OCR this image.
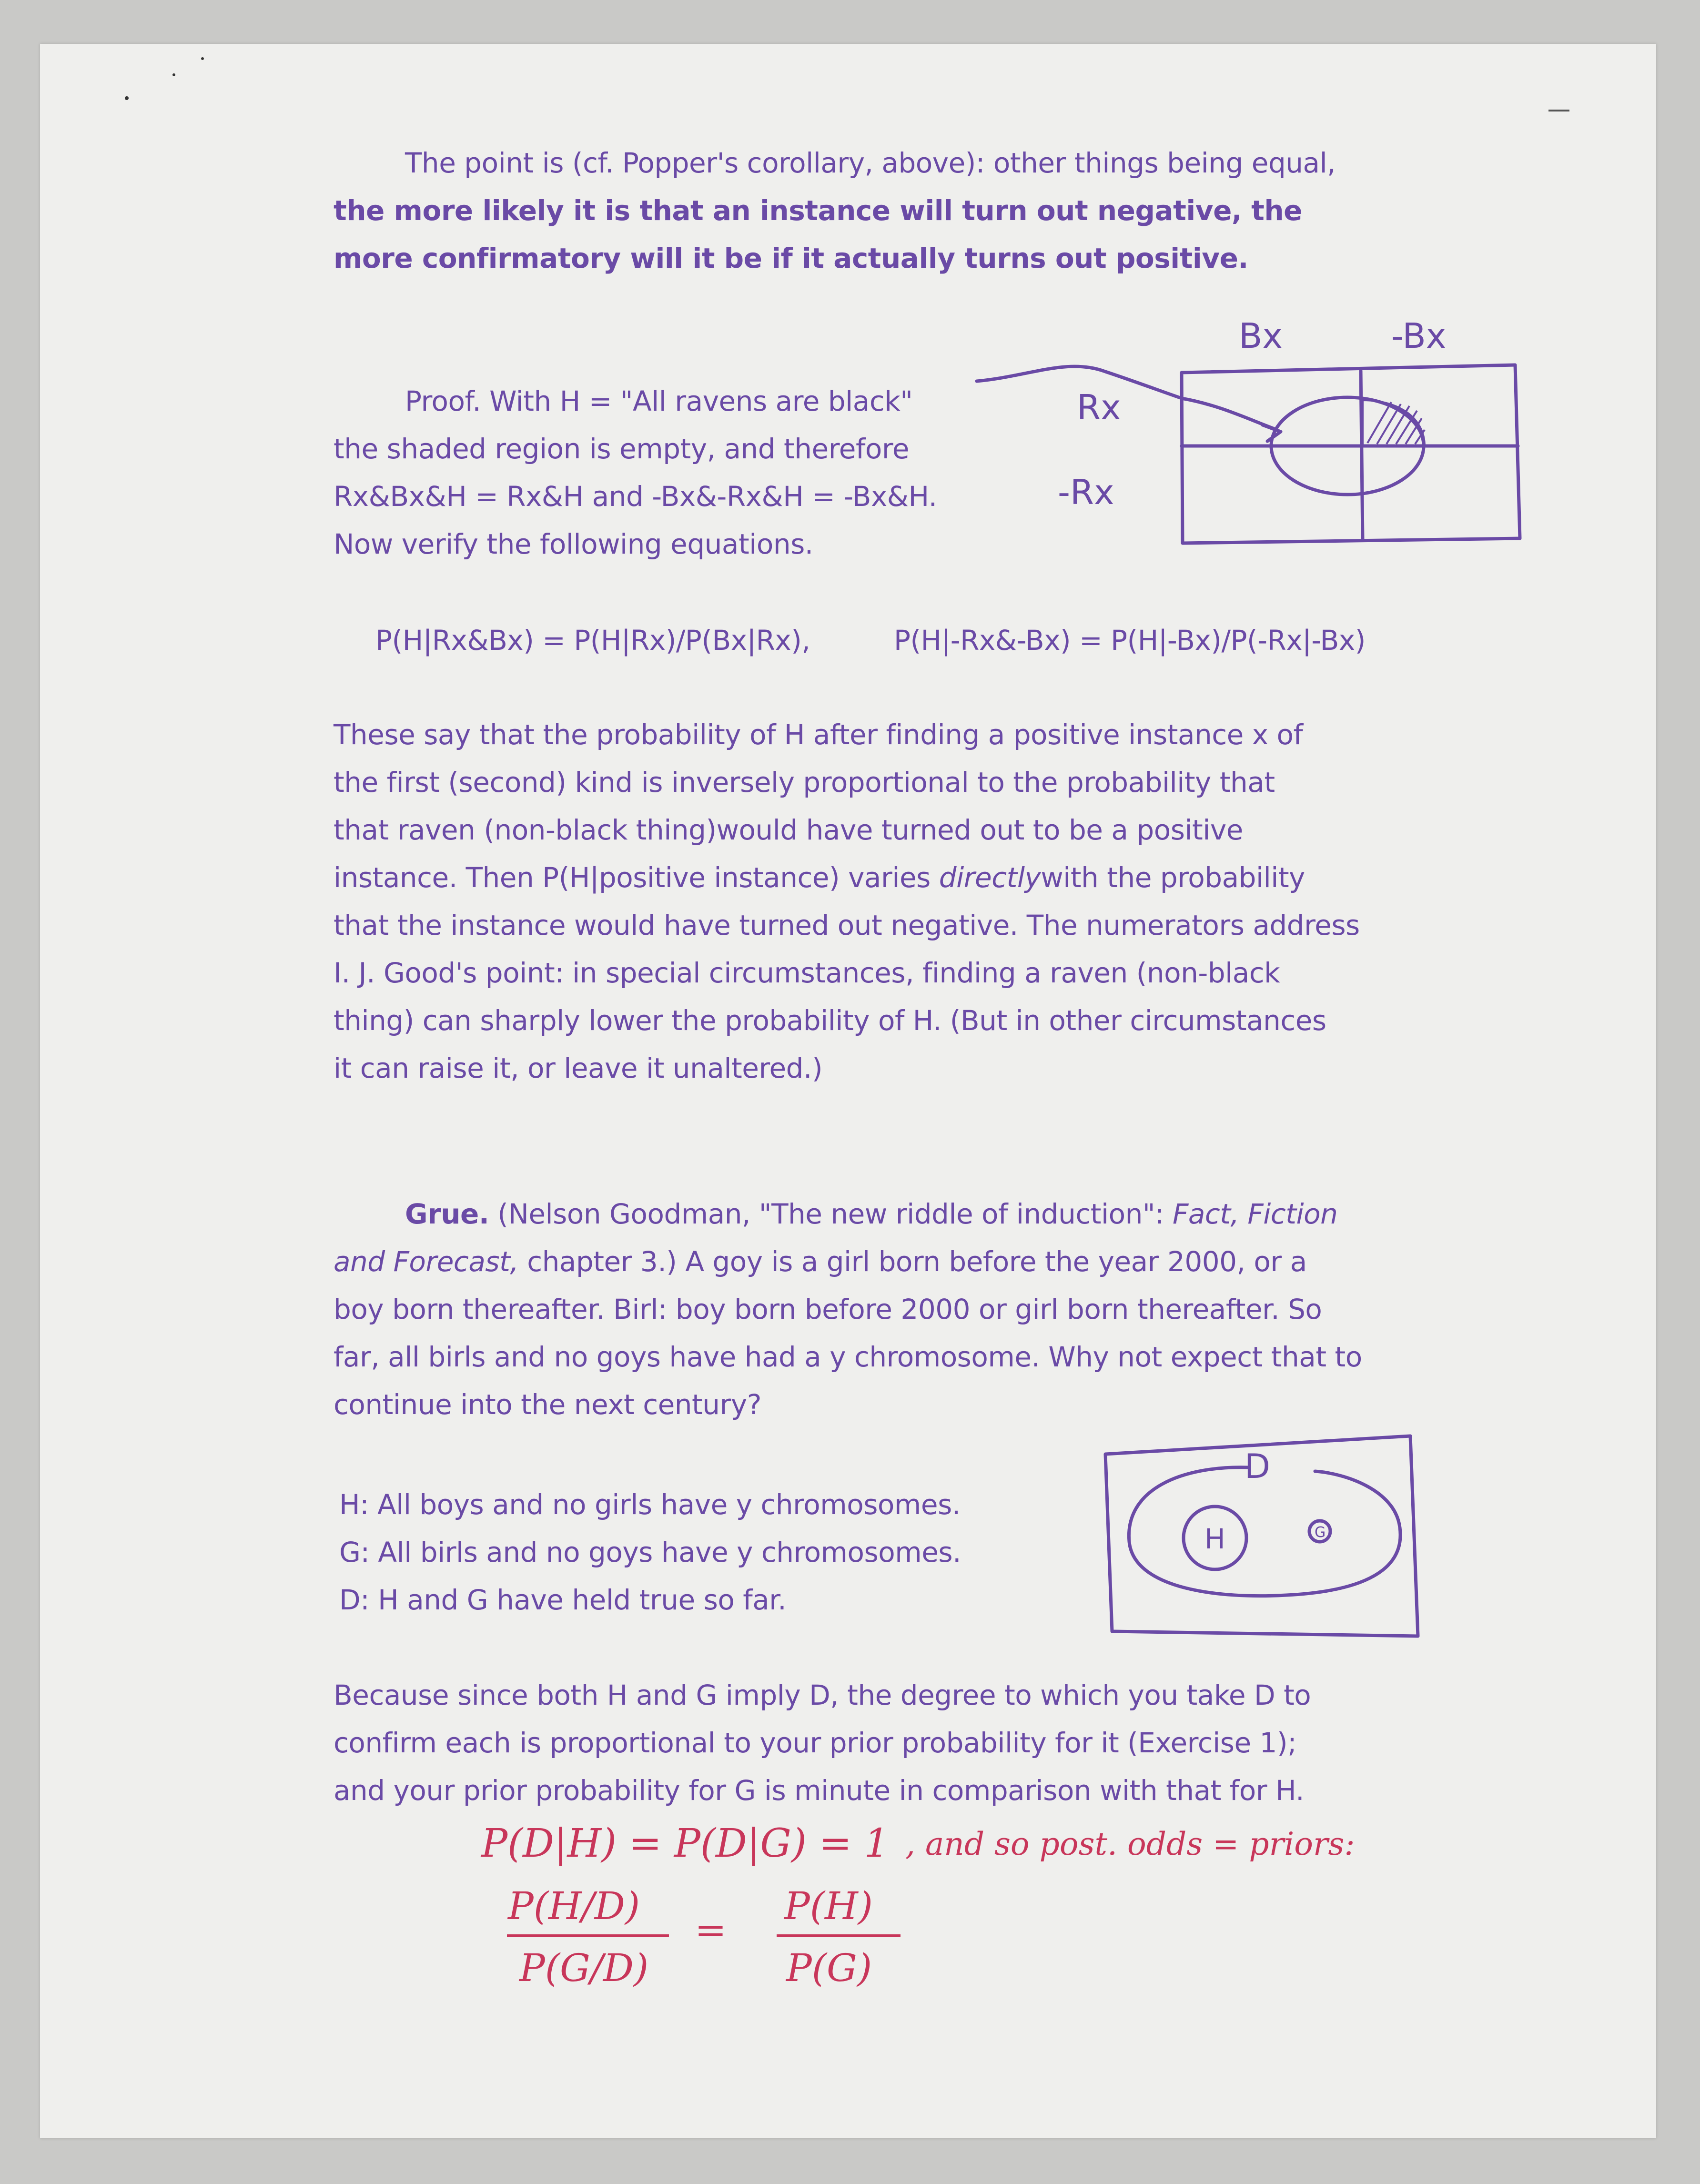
The point is (cf. Popper's corollary, above): other things being equal,
the more likely it is that an instance will turn out negative, the
more confirmatory will it be if it actually turns out positive.
Proof. With H = "All ravens are black"
the shaded region is empty, and therefore
Rx&Bx&H = Rx&H and -Bx&-Rx&H = -Bx&H.
Now verify the following equations.
Bx	-Bx
Rx
-Rx
P(H|Rx&Bx) = P(H|Rx)/P(Bx|Rx),	P(H|-Rx&-Bx) = P(H|-Bx)/P(-Rx|-Bx)
These say that the probability of H after finding a positive instance x of
the first (second) kind is inversely proportional to the probability that
that raven (non-black thing)would have turned out to be a positive
instance. Then P(H|positive instance) varies directlywith the probability
that the instance would have turned out negative. The numerators address
I. J. Good's point: in special circumstances, finding a raven (non-black
thing) can sharply lower the probability of H. (But in other circumstances
it can raise it, or leave it unaltered.)
Grue. (Nelson Goodman, "The new riddle of induction": Fact, Fiction
and Forecast, chapter 3.) A goy is a girl born before the year 2000, or a
boy born thereafter. Birl: boy born before 2000 or girl born thereafter. So
far, all birls and no goys have had a y chromosome. Why not expect that to
continue into the next century?
H: All boys and no girls have y chromosomes.
G: All birls and no goys have y chromosomes.
D: H and G have held true so far.
D
H	G
Because since both H and G imply D, the degree to which you take D to
confirm each is proportional to your prior probability for it (Exercise 1);
and your prior probability for G is minute in comparison with that for H.
P(D|H) = P(D|G) = 1 , and so post. odds = priors:
P(H/D)
P(G/D)
=
P(H)
P(G)
